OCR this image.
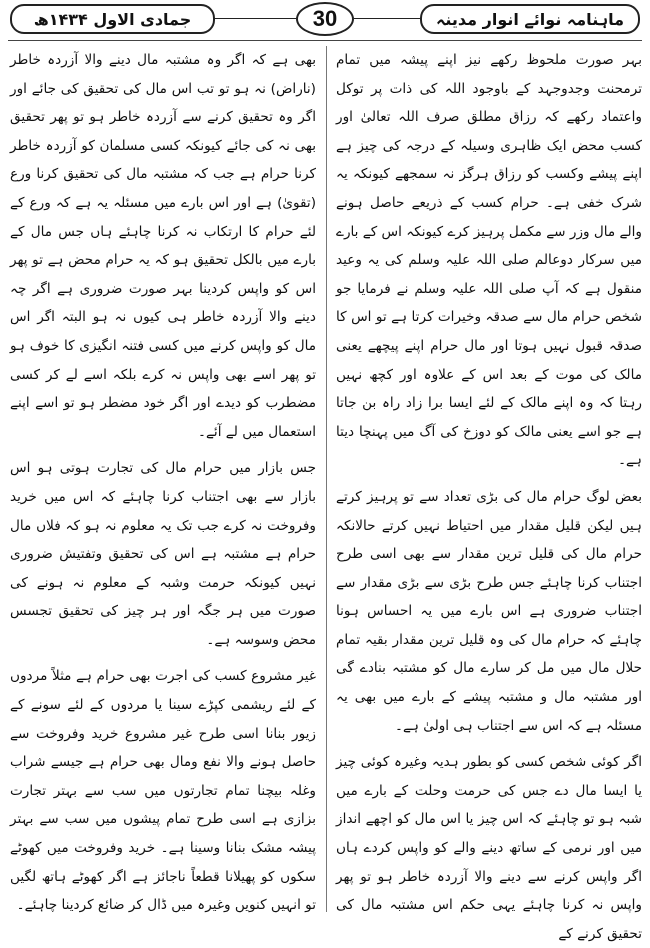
ماہنامہ نوائے انوار مدینہ
30
جمادی الاول ۱۴۳۴ھ

بہر صورت ملحوظ رکھے نیز اپنے پیشہ میں تمام ترمحنت وجدوجہد کے باوجود اللہ کی ذات پر توکل واعتماد رکھے کہ رزاق مطلق صرف اللہ تعالیٰ اور کسب محض ایک ظاہری وسیلہ کے درجہ کی چیز ہے اپنے پیشے وکسب کو رزاق ہرگز نہ سمجھے کیونکہ یہ شرک خفی ہے۔ حرام کسب کے ذریعے حاصل ہونے والے مال وزر سے مکمل پرہیز کرے کیونکہ اس کے بارے میں سرکار دوعالم صلی اللہ علیہ وسلم کی یہ وعید منقول ہے کہ آپ صلی اللہ علیہ وسلم نے فرمایا جو شخص حرام مال سے صدقہ وخیرات کرتا ہے تو اس کا صدقہ قبول نہیں ہوتا اور مال حرام اپنے پیچھے یعنی مالک کی موت کے بعد اس کے علاوہ اور کچھ نہیں رہتا کہ وہ اپنے مالک کے لئے ایسا برا زاد راہ بن جاتا ہے جو اسے یعنی مالک کو دوزخ کی آگ میں پہنچا دیتا ہے۔

بعض لوگ حرام مال کی بڑی تعداد سے تو پرہیز کرتے ہیں لیکن قلیل مقدار میں احتیاط نہیں کرتے حالانکہ حرام مال کی قلیل ترین مقدار سے بھی اسی طرح اجتناب کرنا چاہئے جس طرح بڑی سے بڑی مقدار سے اجتناب ضروری ہے اس بارے میں یہ احساس ہونا چاہئے کہ حرام مال کی وہ قلیل ترین مقدار بقیہ تمام حلال مال میں مل کر سارے مال کو مشتبہ بنادے گی اور مشتبہ مال و مشتبہ پیشے کے بارے میں بھی یہ مسئلہ ہے کہ اس سے اجتناب ہی اولیٰ ہے۔

اگر کوئی شخص کسی کو بطور ہدیہ وغیرہ کوئی چیز یا ایسا مال دے جس کی حرمت وحلت کے بارے میں شبہ ہو تو چاہئے کہ اس چیز یا اس مال کو اچھے انداز میں اور نرمی کے ساتھ دینے والے کو واپس کردے ہاں اگر واپس کرنے سے دینے والا آزردہ خاطر ہو تو پھر واپس نہ کرنا چاہئے یہی حکم اس مشتبہ مال کی تحقیق کرنے کے

بھی ہے کہ اگر وہ مشتبہ مال دینے والا آزردہ خاطر (ناراض) نہ ہو تو تب اس مال کی تحقیق کی جائے اور اگر وہ تحقیق کرنے سے آزردہ خاطر ہو تو پھر تحقیق بھی نہ کی جائے کیونکہ کسی مسلمان کو آزردہ خاطر کرنا حرام ہے جب کہ مشتبہ مال کی تحقیق کرنا ورع (تقویٰ) ہے اور اس بارے میں مسئلہ یہ ہے کہ ورع کے لئے حرام کا ارتکاب نہ کرنا چاہئے ہاں جس مال کے بارے میں بالکل تحقیق ہو کہ یہ حرام محض ہے تو پھر اس کو واپس کردینا بہر صورت ضروری ہے اگر چہ دینے والا آزردہ خاطر ہی کیوں نہ ہو البتہ اگر اس مال کو واپس کرنے میں کسی فتنہ انگیزی کا خوف ہو تو پھر اسے بھی واپس نہ کرے بلکہ اسے لے کر کسی مضطرب کو دیدے اور اگر خود مضطر ہو تو اسے اپنے استعمال میں لے آئے۔

جس بازار میں حرام مال کی تجارت ہوتی ہو اس بازار سے بھی اجتناب کرنا چاہئے کہ اس میں خرید وفروخت نہ کرے جب تک یہ معلوم نہ ہو کہ فلاں مال حرام ہے مشتبہ ہے اس کی تحقیق وتفتیش ضروری نہیں کیونکہ حرمت وشبہ کے معلوم نہ ہونے کی صورت میں ہر جگہ اور ہر چیز کی تحقیق تجسس محض وسوسہ ہے۔

غیر مشروع کسب کی اجرت بھی حرام ہے مثلاً مردوں کے لئے ریشمی کپڑے سینا یا مردوں کے لئے سونے کے زیور بنانا اسی طرح غیر مشروع خرید وفروخت سے حاصل ہونے والا نفع ومال بھی حرام ہے جیسے شراب وغلہ بیچنا تمام تجارتوں میں سب سے بہتر تجارت بزازی ہے اسی طرح تمام پیشوں میں سب سے بہتر پیشہ مشک بنانا وسینا ہے۔ خرید وفروخت میں کھوٹے سکوں کو پھیلانا قطعاً ناجائز ہے اگر کھوٹے ہاتھ لگیں تو انہیں کنویں وغیرہ میں ڈال کر ضائع کردینا چاہئے۔
